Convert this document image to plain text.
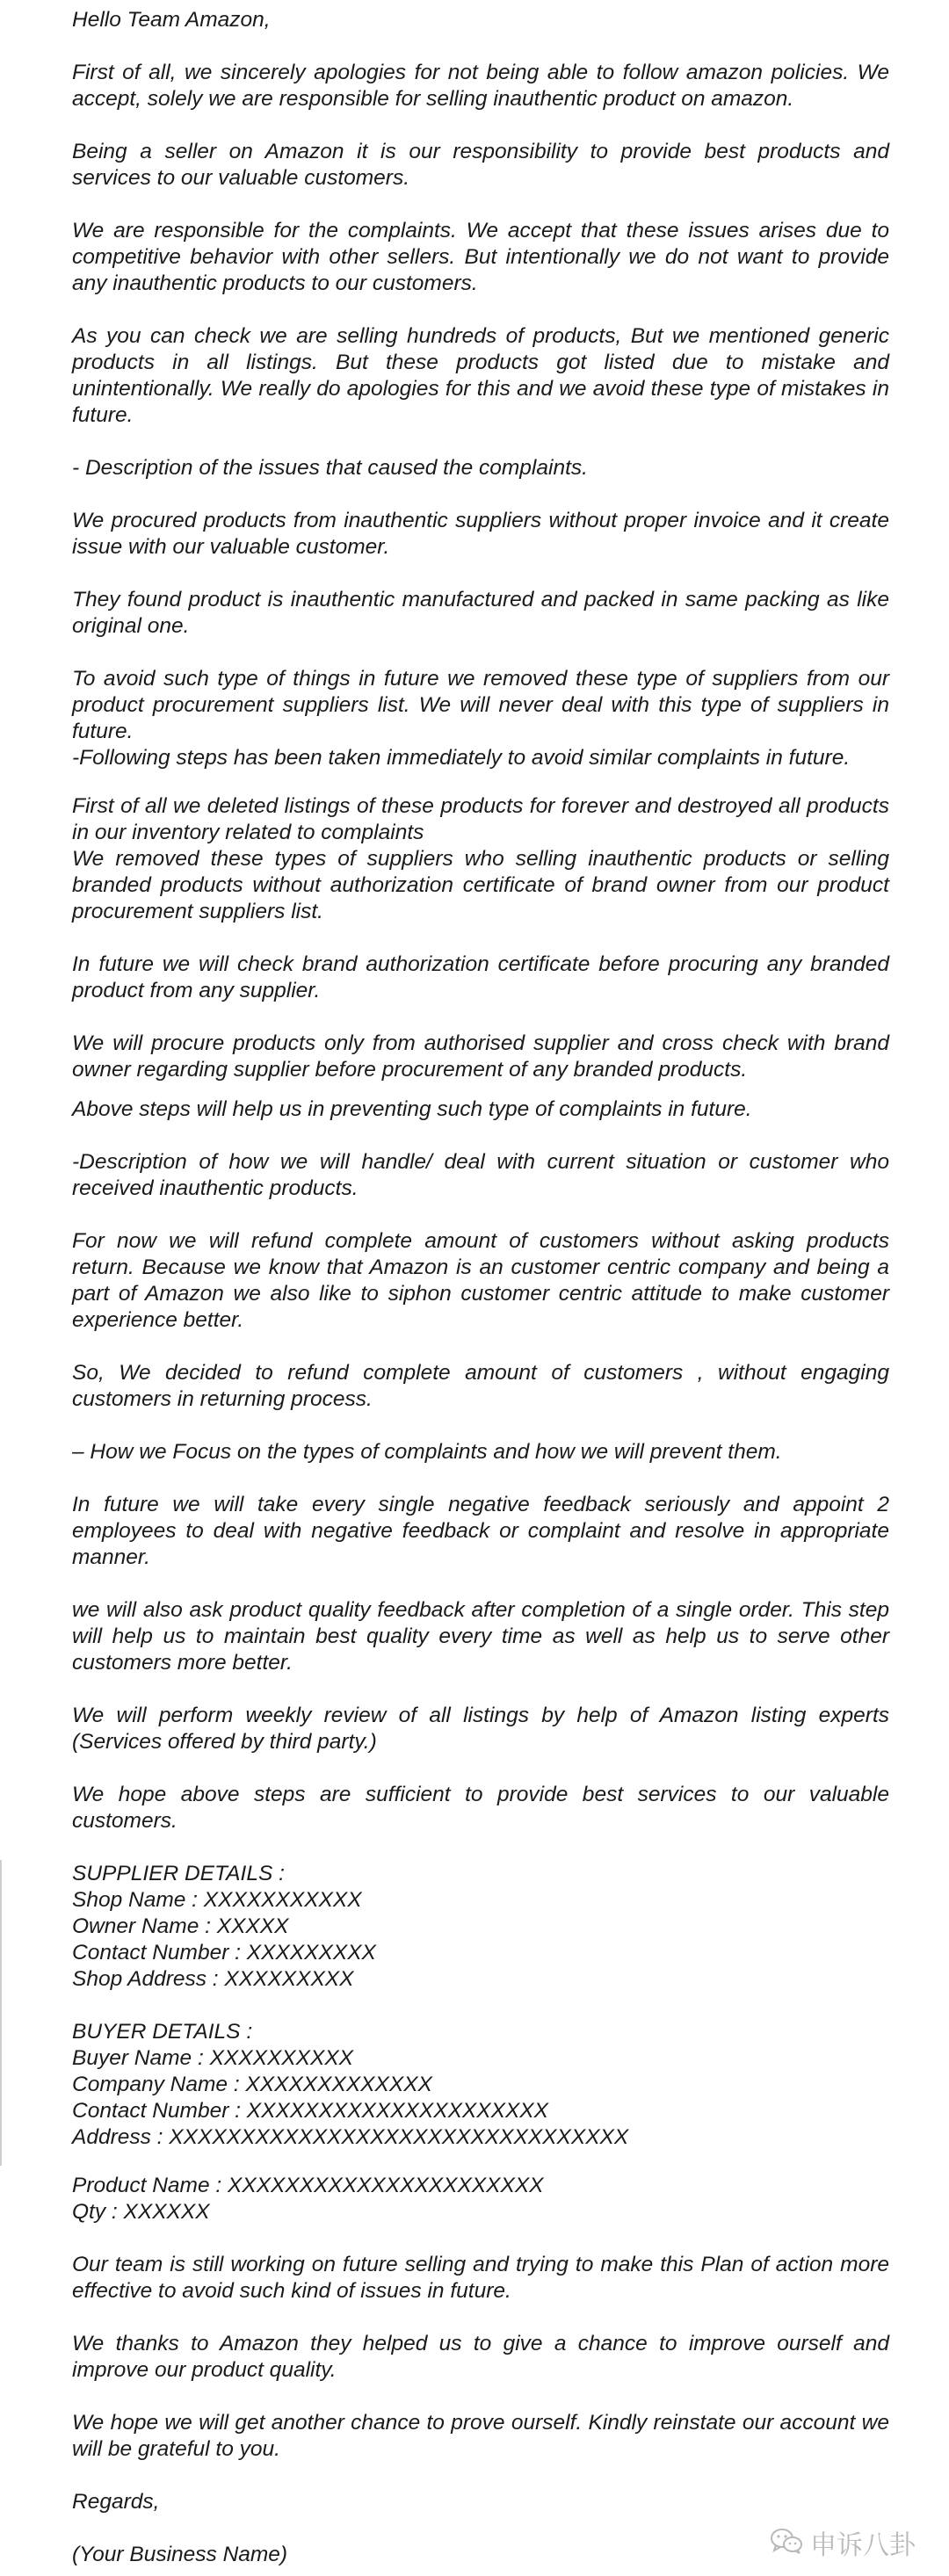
Hello Team Amazon,
First of all, we sincerely apologies for not being able to follow amazon policies. We
accept, solely we are responsible for selling inauthentic product on amazon.
Being a seller on Amazon it is our responsibility to provide best products and
services to our valuable customers.
We are responsible for the complaints. We accept that these issues arises due to
competitive behavior with other sellers. But intentionally we do not want to provide
any inauthentic products to our customers.
As you can check we are selling hundreds of products, But we mentioned generic
products in all listings. But these products got listed due to mistake and
unintentionally. We really do apologies for this and we avoid these type of mistakes in
future.
- Description of the issues that caused the complaints.
We procured products from inauthentic suppliers without proper invoice and it create
issue with our valuable customer.
They found product is inauthentic manufactured and packed in same packing as like
original one.
To avoid such type of things in future we removed these type of suppliers from our
product procurement suppliers list. We will never deal with this type of suppliers in
future.
-Following steps has been taken immediately to avoid similar complaints in future.
First of all we deleted listings of these products for forever and destroyed all products
in our inventory related to complaints
We removed these types of suppliers who selling inauthentic products or selling
branded products without authorization certificate of brand owner from our product
procurement suppliers list.
In future we will check brand authorization certificate before procuring any branded
product from any supplier.
We will procure products only from authorised supplier and cross check with brand
owner regarding supplier before procurement of any branded products.
Above steps will help us in preventing such type of complaints in future.
-Description of how we will handle/ deal with current situation or customer who
received inauthentic products.
For now we will refund complete amount of customers without asking products
return. Because we know that Amazon is an customer centric company and being a
part of Amazon we also like to siphon customer centric attitude to make customer
experience better.
So, We decided to refund complete amount of customers , without engaging
customers in returning process.
– How we Focus on the types of complaints and how we will prevent them.
In future we will take every single negative feedback seriously and appoint 2
employees to deal with negative feedback or complaint and resolve in appropriate
manner.
we will also ask product quality feedback after completion of a single order. This step
will help us to maintain best quality every time as well as help us to serve other
customers more better.
We will perform weekly review of all listings by help of Amazon listing experts
(Services offered by third party.)
We hope above steps are sufficient to provide best services to our valuable
customers.
SUPPLIER DETAILS :
Shop Name : XXXXXXXXXXX
Owner Name : XXXXX
Contact Number : XXXXXXXXX
Shop Address : XXXXXXXXX
BUYER DETAILS :
Buyer Name : XXXXXXXXXX
Company Name : XXXXXXXXXXXXX
Contact Number : XXXXXXXXXXXXXXXXXXXXX
Address : XXXXXXXXXXXXXXXXXXXXXXXXXXXXXXXX
Product Name : XXXXXXXXXXXXXXXXXXXXXX
Qty : XXXXXX
Our team is still working on future selling and trying to make this Plan of action more
effective to avoid such kind of issues in future.
We thanks to Amazon they helped us to give a chance to improve ourself and
improve our product quality.
We hope we will get another chance to prove ourself. Kindly reinstate our account we
will be grateful to you.
Regards,
(Your Business Name)	申诉八卦
